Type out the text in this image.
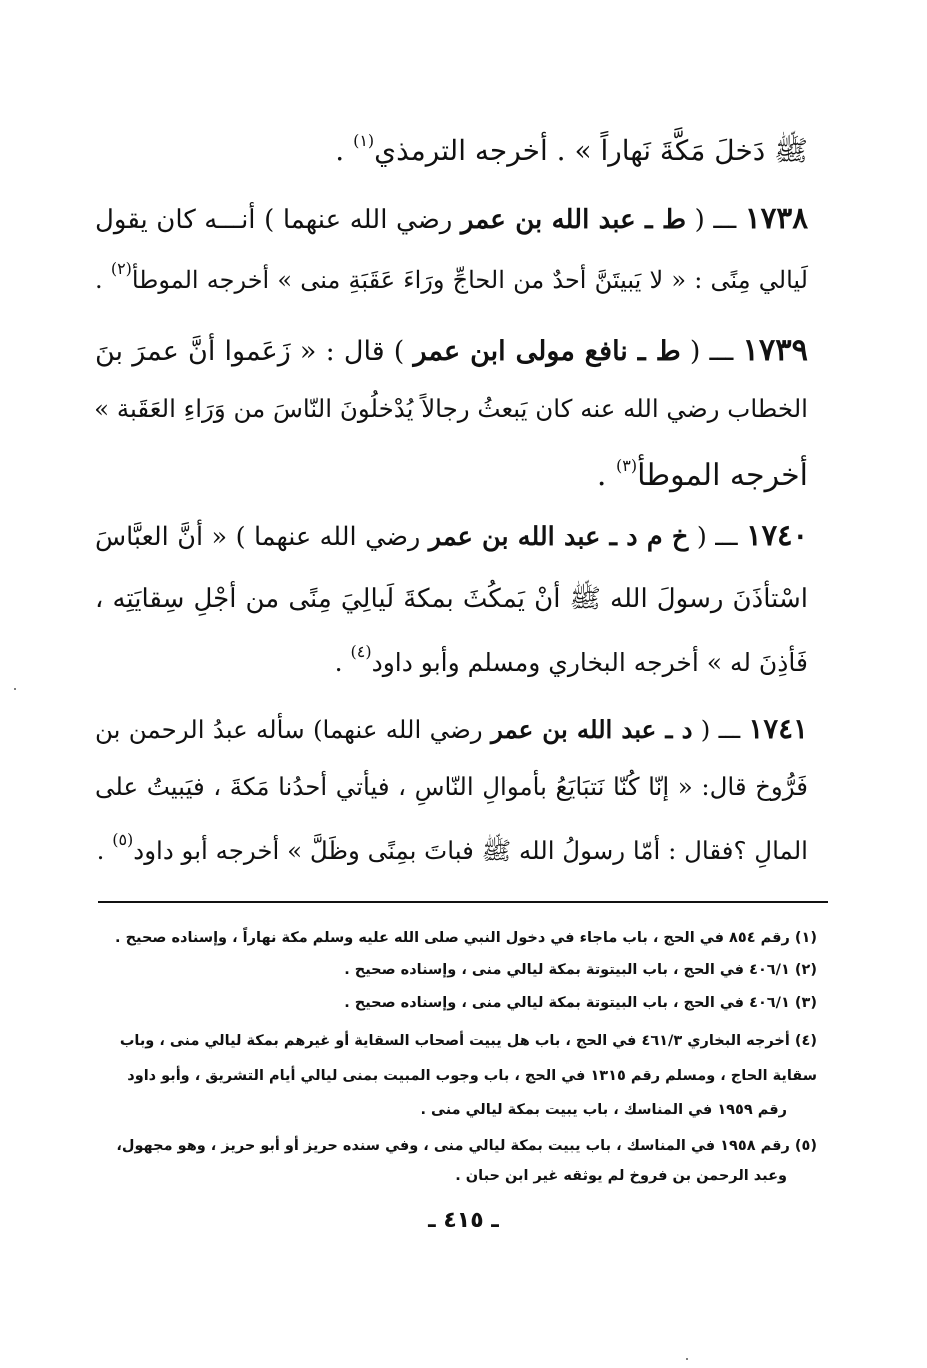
ﷺ دَخلَ مَكَّةَ نَهاراً » . أخرجه الترمذي$^{(١)}$ .
١٧٣٨ ـــ ( ط ـ عبد الله بن عمر رضي الله عنهما ) أنـــه كان يقول
لَيالي مِنًى : « لا يَبيتَنَّ أحدٌ من الحاجِّ ورَاءَ عَقَبَةِ منى » أخرجه الموطأ$^{(٢)}$ .
١٧٣٩ ـــ ( ط ـ نافع مولى ابن عمر ) قال : « زَعَموا أنَّ عمرَ بنَ
الخطاب رضي الله عنه كان يَبعثُ رجالاً يُدْخلُونَ النّاسَ من وَرَاءِ العَقَبة »
أخرجه الموطأ$^{(٣)}$ .
١٧٤٠ ـــ ( خ م د ـ عبد الله بن عمر رضي الله عنهما ) « أنَّ العبَّاسَ
اسْتأذَنَ رسولَ الله ﷺ أنْ يَمكُثَ بمكةَ لَيالِيَ مِنًى من أجْلِ سِقايَتِه ،
فَأذِنَ له » أخرجه البخاري ومسلم وأبو داود$^{(٤)}$ .
١٧٤١ ـــ ( د ـ عبد الله بن عمر رضي الله عنهما) سأله عبدُ الرحمن بن
فَرُّوخ قال: « إنّا كُنّا نَتبَايَعُ بأموالِ النّاسِ ، فيأتي أحدُنا مَكةَ ، فيَبيتُ على
المالِ ؟فقال : أمّا رسولُ الله ﷺ فباتَ بمِنًى وظَلَّ » أخرجه أبو داود$^{(٥)}$ .
(١) رقم ٨٥٤ في الحج ، باب ماجاء في دخول النبي صلى الله عليه وسلم مكة نهاراً ، وإسناده صحيح .
(٢) ٤٠٦/١ في الحج ، باب البيتوتة بمكة ليالي منى ، وإسناده صحيح .
(٣) ٤٠٦/١ في الحج ، باب البيتوتة بمكة ليالي منى ، وإسناده صحيح .
(٤) أخرجه البخاري ٤٦١/٣ في الحج ، باب هل يبيت أصحاب السقاية أو غيرهم بمكة ليالي منى ، وباب
سقاية الحاج ، ومسلم رقم ١٣١٥ في الحج ، باب وجوب المبيت بمنى ليالي أيام التشريق ، وأبو داود
رقم ١٩٥٩ في المناسك ، باب يبيت بمكة ليالي منى .
(٥) رقم ١٩٥٨ في المناسك ، باب يبيت بمكة ليالي منى ، وفي سنده حريز أو أبو حريز ، وهو مجهول،
وعبد الرحمن بن فروخ لم يوثقه غير ابن حبان .
ـ ٤١٥ ـ
